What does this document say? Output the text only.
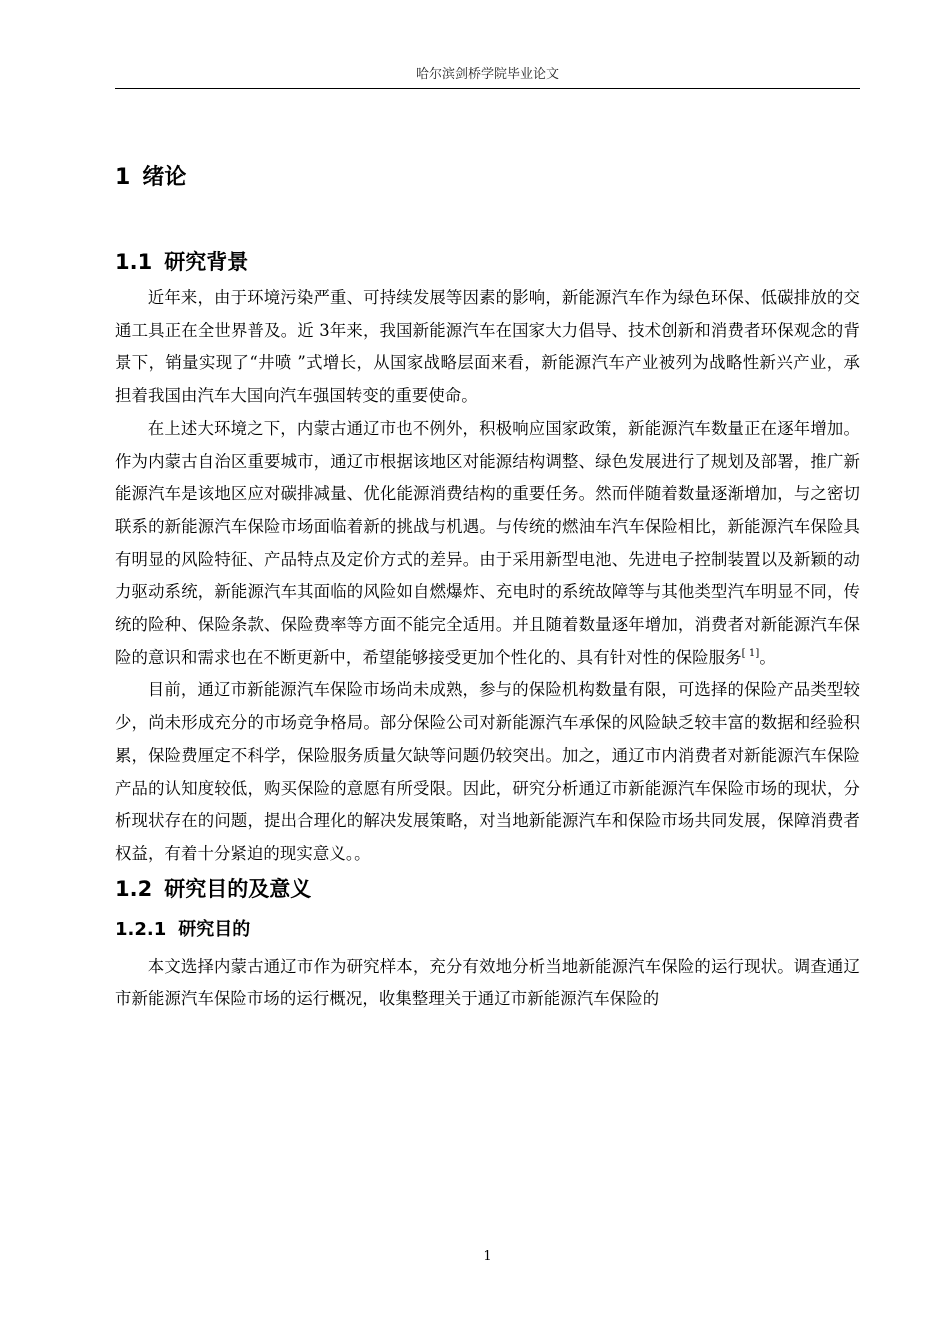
哈尔滨剑桥学院毕业论文
1 绪论
1.1 研究背景

近年来，由于环境污染严重、可持续发展等因素的影响，新能源汽车作为绿色环保、低碳排放的交通工具正在全世界普及。近 3年来，我国新能源汽车在国家大力倡导、技术创新和消费者环保观念的背景下，销量实现了“井喷 ”式增长，从国家战略层面来看，新能源汽车产业被列为战略性新兴产业，承担着我国由汽车大国向汽车强国转变的重要使命。

在上述大环境之下，内蒙古通辽市也不例外，积极响应国家政策，新能源汽车数量正在逐年增加。作为内蒙古自治区重要城市，通辽市根据该地区对能源结构调整、绿色发展进行了规划及部署，推广新能源汽车是该地区应对碳排减量、优化能源消费结构的重要任务。然而伴随着数量逐渐增加，与之密切联系的新能源汽车保险市场面临着新的挑战与机遇。与传统的燃油车汽车保险相比，新能源汽车保险具有明显的风险特征、产品特点及定价方式的差异。由于采用新型电池、先进电子控制装置以及新颖的动力驱动系统，新能源汽车其面临的风险如自燃爆炸、充电时的系统故障等与其他类型汽车明显不同，传统的险种、保险条款、保险费率等方面不能完全适用。并且随着数量逐年增加，消费者对新能源汽车保险的意识和需求也在不断更新中，希望能够接受更加个性化的、具有针对性的保险服务[ 1]。

目前，通辽市新能源汽车保险市场尚未成熟，参与的保险机构数量有限，可选择的保险产品类型较少，尚未形成充分的市场竞争格局。部分保险公司对新能源汽车承保的风险缺乏较丰富的数据和经验积累，保险费厘定不科学，保险服务质量欠缺等问题仍较突出。加之，通辽市内消费者对新能源汽车保险产品的认知度较低，购买保险的意愿有所受限。因此，研究分析通辽市新能源汽车保险市场的现状，分析现状存在的问题，提出合理化的解决发展策略，对当地新能源汽车和保险市场共同发展，保障消费者权益，有着十分紧迫的现实意义。。

1.2 研究目的及意义
1.2.1 研究目的

本文选择内蒙古通辽市作为研究样本，充分有效地分析当地新能源汽车保险的运行现状。调查通辽市新能源汽车保险市场的运行概况，收集整理关于通辽市新能源汽车保险的

1
